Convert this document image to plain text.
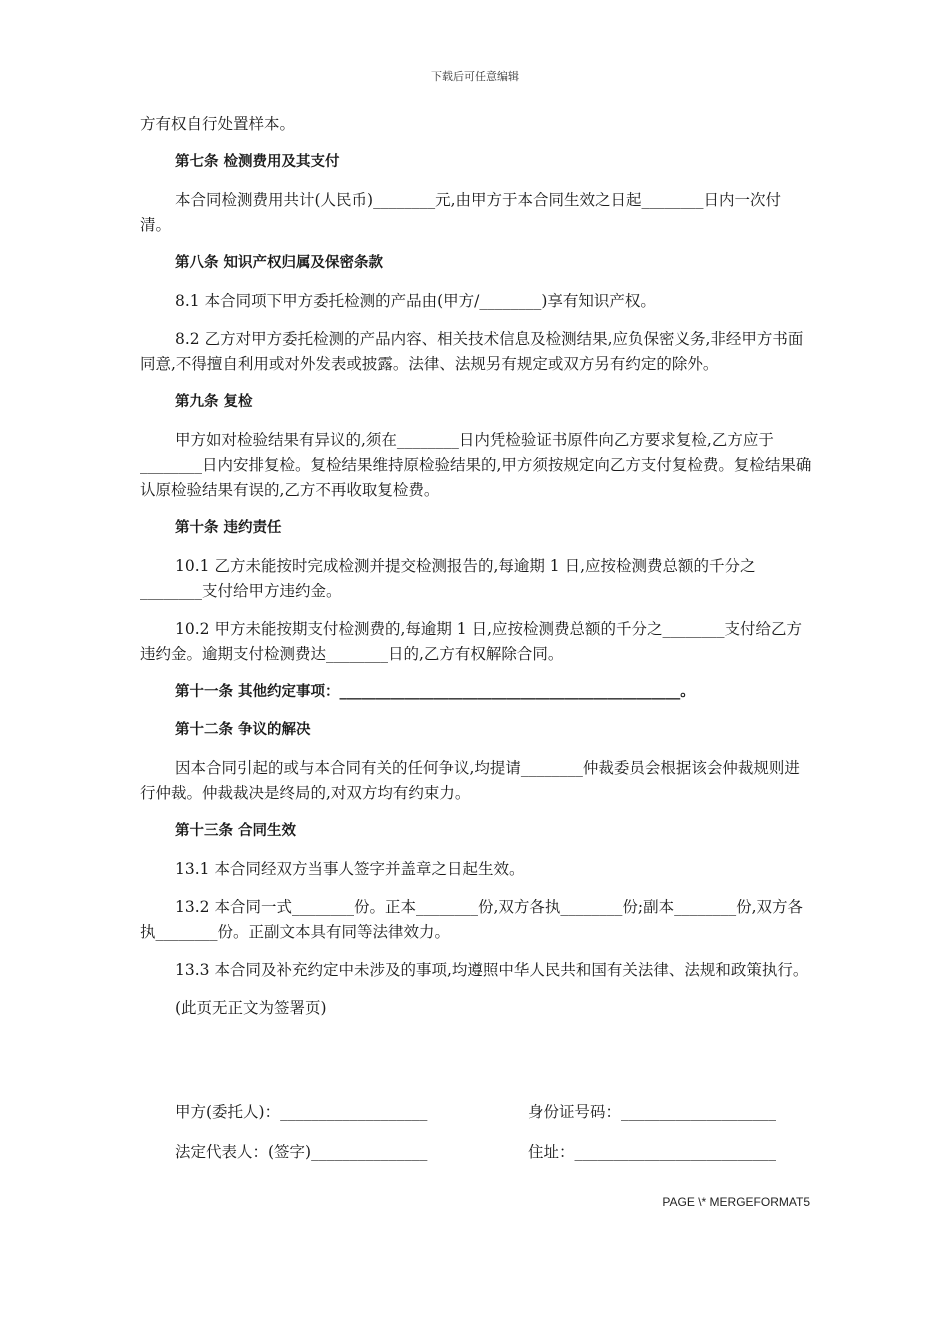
下载后可任意编辑

方有权自行处置样本。

第七条 检测费用及其支付

本合同检测费用共计(人民币)________元,由甲方于本合同生效之日起________日内一次付清。

第八条 知识产权归属及保密条款

8.1 本合同项下甲方委托检测的产品由(甲方/________)享有知识产权。

8.2 乙方对甲方委托检测的产品内容、相关技术信息及检测结果,应负保密义务,非经甲方书面同意,不得擅自利用或对外发表或披露。法律、法规另有规定或双方另有约定的除外。

第九条 复检

甲方如对检验结果有异议的,须在________日内凭检验证书原件向乙方要求复检,乙方应于________日内安排复检。复检结果维持原检验结果的,甲方须按规定向乙方支付复检费。复检结果确认原检验结果有误的,乙方不再收取复检费。

第十条 违约责任

10.1 乙方未能按时完成检测并提交检测报告的,每逾期 1 日,应按检测费总额的千分之________支付给甲方违约金。

10.2 甲方未能按期支付检测费的,每逾期 1 日,应按检测费总额的千分之________支付给乙方违约金。逾期支付检测费达________日的,乙方有权解除合同。

第十一条 其他约定事项：_______________________________________________。

第十二条 争议的解决

因本合同引起的或与本合同有关的任何争议,均提请________仲裁委员会根据该会仲裁规则进行仲裁。仲裁裁决是终局的,对双方均有约束力。

第十三条 合同生效

13.1 本合同经双方当事人签字并盖章之日起生效。

13.2 本合同一式________份。正本________份,双方各执________份;副本________份,双方各执________份。正副文本具有同等法律效力。

13.3 本合同及补充约定中未涉及的事项,均遵照中华人民共和国有关法律、法规和政策执行。

(此页无正文为签署页)

甲方(委托人)：___________________	身份证号码：____________________
法定代表人：(签字)_______________	住址：__________________________
PAGE \* MERGEFORMAT5
